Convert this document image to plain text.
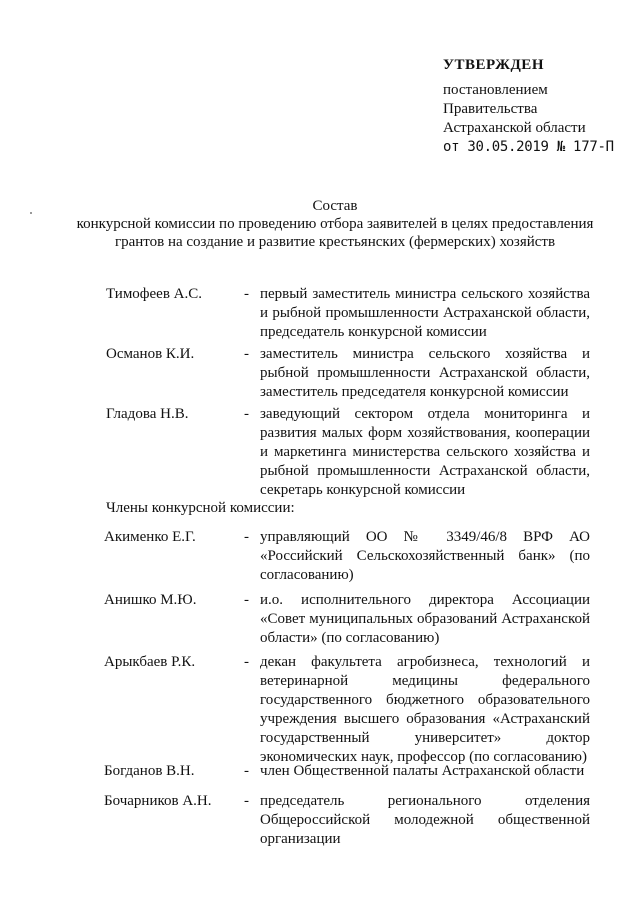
УТВЕРЖДЕН
постановлением
Правительства
Астраханской области
от 30.05.2019 № 177-П
Состав
конкурсной комиссии по проведению отбора заявителей в целях предоставления
грантов на создание и развитие крестьянских (фермерских) хозяйств
Тимофеев А.С.	- первый заместитель министра сельского хозяйства и рыбной промышленности Астраханской области, председатель конкурсной комиссии
Османов К.И.	- заместитель министра сельского хозяйства и рыбной промышленности Астраханской области, заместитель председателя конкурсной комиссии
Гладова Н.В.	- заведующий сектором отдела мониторинга и развития малых форм хозяйствования, кооперации и маркетинга министерства сельского хозяйства и рыбной промышленности Астраханской области, секретарь конкурсной комиссии
Члены конкурсной комиссии:
Акименко Е.Г.	- управляющий ОО № 3349/46/8 ВРФ АО «Российский Сельскохозяйственный банк» (по согласованию)
Анишко М.Ю.	- и.о. исполнительного директора Ассоциации «Совет муниципальных образований Астраханской области» (по согласованию)
Арыкбаев Р.К.	- декан факультета агробизнеса, технологий и ветеринарной медицины федерального государственного бюджетного образовательного учреждения высшего образования «Астраханский государственный университет» доктор экономических наук, профессор (по согласованию)
Богданов В.Н.	- член Общественной палаты Астраханской области
Бочарников А.Н. - председатель регионального отделения Общероссийской молодежной общественной организации
